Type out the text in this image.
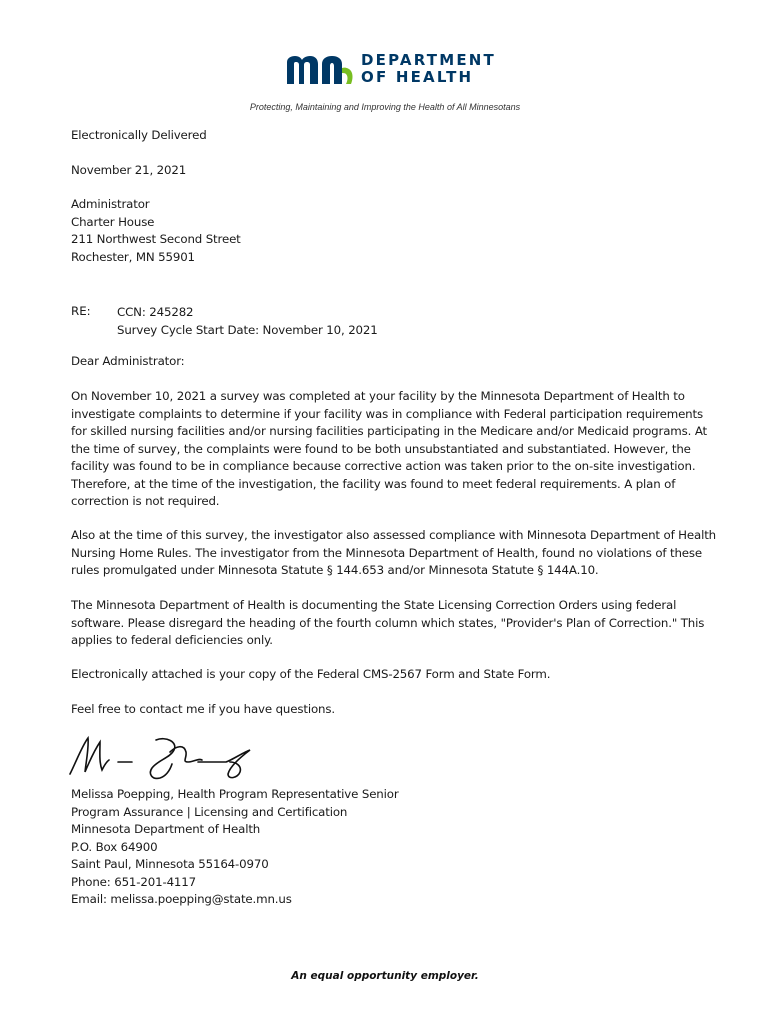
DEPARTMENT
OF HEALTH
Protecting, Maintaining and Improving the Health of All Minnesotans
Electronically Delivered
November 21, 2021
Administrator
Charter House
211 Northwest Second Street
Rochester, MN 55901
RE: CCN: 245282
Survey Cycle Start Date: November 10, 2021
Dear Administrator:
On November 10, 2021 a survey was completed at your facility by the Minnesota Department of Health to
investigate complaints to determine if your facility was in compliance with Federal participation requirements
for skilled nursing facilities and/or nursing facilities participating in the Medicare and/or Medicaid programs. At
the time of survey, the complaints were found to be both unsubstantiated and substantiated. However, the
facility was found to be in compliance because corrective action was taken prior to the on-site investigation.
Therefore, at the time of the investigation, the facility was found to meet federal requirements. A plan of
correction is not required.
Also at the time of this survey, the investigator also assessed compliance with Minnesota Department of Health
Nursing Home Rules. The investigator from the Minnesota Department of Health, found no violations of these
rules promulgated under Minnesota Statute § 144.653 and/or Minnesota Statute § 144A.10.
The Minnesota Department of Health is documenting the State Licensing Correction Orders using federal
software. Please disregard the heading of the fourth column which states, "Provider's Plan of Correction." This
applies to federal deficiencies only.
Electronically attached is your copy of the Federal CMS-2567 Form and State Form.
Feel free to contact me if you have questions.
Melissa Poepping, Health Program Representative Senior
Program Assurance | Licensing and Certification
Minnesota Department of Health
P.O. Box 64900
Saint Paul, Minnesota 55164-0970
Phone: 651-201-4117
Email: melissa.poepping@state.mn.us
An equal opportunity employer.
